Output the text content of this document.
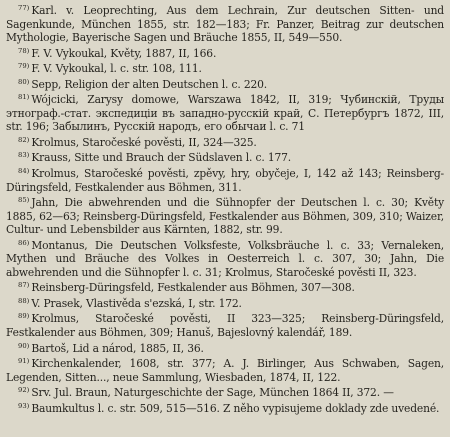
$^{77)}$ Karl. v. Leoprechting, Aus dem Lechrain, Zur deutschen Sitten- und Sagenkunde, München 1855, str. 182—183; Fr. Panzer, Beitrag zur deutschen Mythologie, Bayerische Sagen und Bräuche 1855, II, 549—550.

$^{78)}$ F. V. Vykoukal, Květy, 1887, II, 166.

$^{79)}$ F. V. Vykoukal, l. c. str. 108, 111.

$^{80)}$ Sepp, Religion der alten Deutschen l. c. 220.

$^{81)}$ Wójcicki, Zarysy domowe, Warszawa 1842, II, 319; Чубинскій, Труды этнограф.-стат. экспедиціи въ западно-русскій край, С. Петербургъ 1872, III, str. 196; Забылинъ, Русскій народъ, его обычаи l. c. 71

$^{82)}$ Krolmus, Staročeské pověsti, II, 324—325.

$^{83)}$ Krauss, Sitte und Brauch der Südslaven l. c. 177.

$^{84)}$ Krolmus, Staročeské pověsti, zpěvy, hry, obyčeje, I, 142 až 143; Reinsberg-Düringsfeld, Festkalender aus Böhmen, 311.

$^{85)}$ Jahn, Die abwehrenden und die Sühnopfer der Deutschen l. c. 30; Květy 1885, 62—63; Reinsberg-Düringsfeld, Festkalender aus Böhmen, 309, 310; Waizer, Cultur- und Lebensbilder aus Kärnten, 1882, str. 99.

$^{86)}$ Montanus, Die Deutschen Volksfeste, Volksbräuche l. c. 33; Vernaleken, Mythen und Bräuche des Volkes in Oesterreich l. c. 307, 30; Jahn, Die abwehrenden und die Sühnopfer l. c. 31; Krolmus, Staročeské pověsti II, 323.

$^{87)}$ Reinsberg-Düringsfeld, Festkalender aus Böhmen, 307—308.

$^{88)}$ V. Prasek, Vlastivěda s'ezská, I, str. 172.

$^{89)}$ Krolmus, Staročeské pověsti, II 323—325; Reinsberg-Düringsfeld, Festkalender aus Böhmen, 309; Hanuš, Bajeslovný kalendář, 189.

$^{90)}$ Bartoš, Lid a národ, 1885, II, 36.

$^{91)}$ Kirchenkalender, 1608, str. 377; A. J. Birlinger, Aus Schwaben, Sagen, Legenden, Sitten..., neue Sammlung, Wiesbaden, 1874, II, 122.

$^{92)}$ Srv. Jul. Braun, Naturgeschichte der Sage, München 1864 II, 372. —

$^{93)}$ Baumkultus l. c. str. 509, 515—516. Z něho vypisujeme doklady zde uvedené.
